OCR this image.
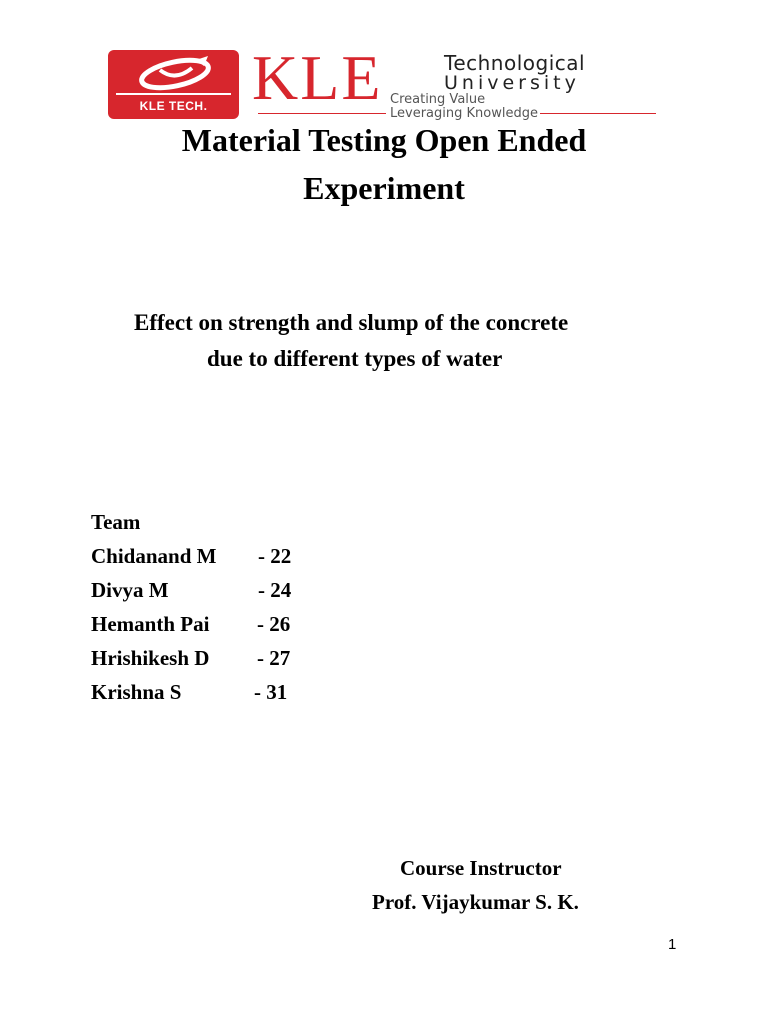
KLE TECH. KLE	Technological
University
Creating Value
Leveraging Knowledge
Material Testing Open Ended
Experiment
Effect on strength and slump of the concrete
due to different types of water
Team
Chidanand M - 22
Divya M	- 24
Hemanth Pai - 26
Hrishikesh D - 27
Krishna S	- 31
Course Instructor
Prof. Vijaykumar S. K.
1
